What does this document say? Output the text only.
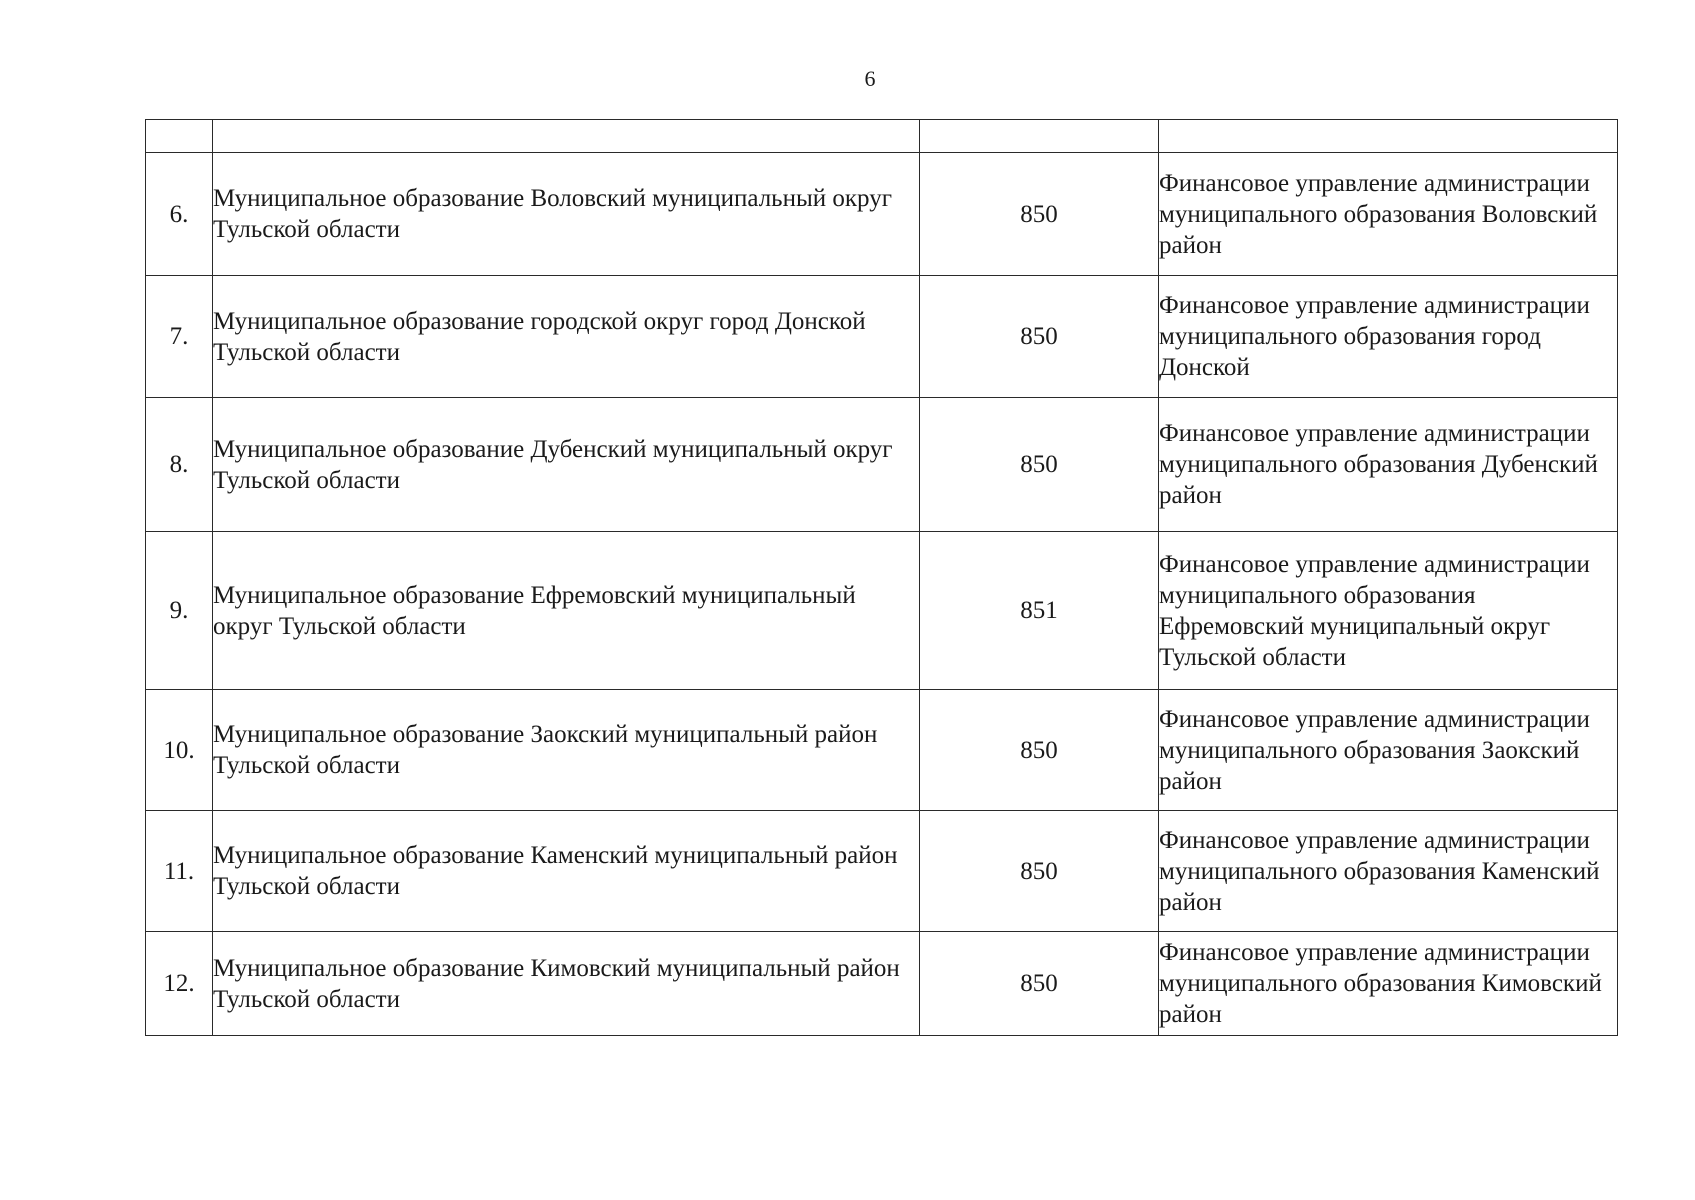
6

6.	Муниципальное образование Воловский муниципальный округ Тульской области	850	Финансовое управление администрации муниципального образования Воловский район
7.	Муниципальное образование городской округ город Донской Тульской области	850	Финансовое управление администрации муниципального образования город Донской
8.	Муниципальное образование Дубенский муниципальный округ Тульской области	850	Финансовое управление администрации муниципального образования Дубенский район
9.	Муниципальное образование Ефремовский муниципальный округ Тульской области	851	Финансовое управление администрации муниципального образования Ефремовский муниципальный округ Тульской области
10.	Муниципальное образование Заокский муниципальный район Тульской области	850	Финансовое управление администрации муниципального образования Заокский район
11.	Муниципальное образование Каменский муниципальный район Тульской области	850	Финансовое управление администрации муниципального образования Каменский район
12.	Муниципальное образование Кимовский муниципальный район Тульской области	850	Финансовое управление администрации муниципального образования Кимовский район
